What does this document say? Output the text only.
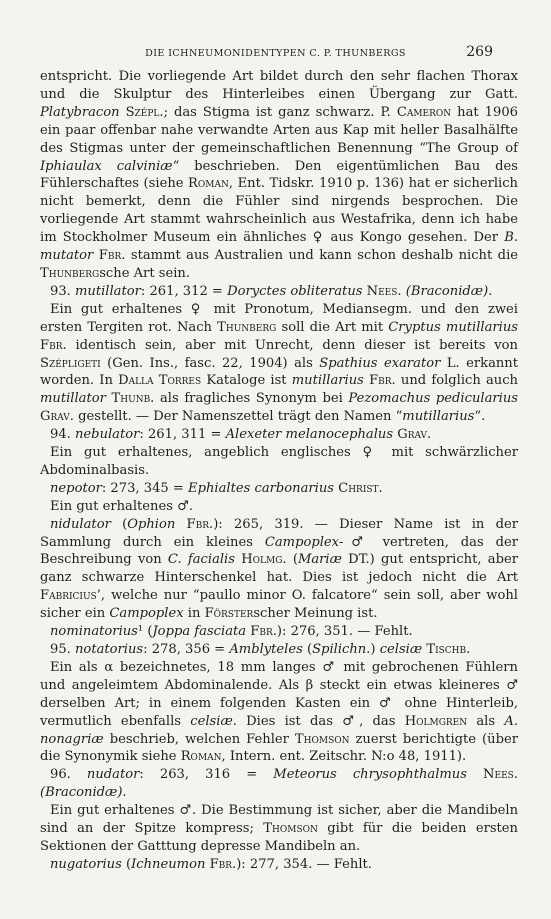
DIE ICHNEUMONIDENTYPEN C. P. THUNBERGS	269

entspricht. Die vorliegende Art bildet durch den sehr flachen Thorax und die Skulptur des Hinterleibes einen Übergang zur Gatt. Platybracon Szépl.; das Stigma ist ganz schwarz. P. Cameron hat 1906 ein paar offenbar nahe verwandte Arten aus Kap mit heller Basalhälfte des Stigmas unter der gemeinschaftlichen Benennung “The Group of Iphiaulax calviniæ“ beschrieben. Den eigentümlichen Bau des Fühlerschaftes (siehe Roman, Ent. Tidskr. 1910 p. 136) hat er sicherlich nicht bemerkt, denn die Fühler sind nirgends besprochen. Die vorliegende Art stammt wahrscheinlich aus Westafrika, denn ich habe im Stockholmer Museum ein ähnliches ♀ aus Kongo gesehen. Der B. mutator Fbr. stammt aus Australien und kann schon deshalb nicht die Thunbergsche Art sein.

93. mutillator: 261, 312 = Doryctes obliteratus Nees. (Braconidæ).

Ein gut erhaltenes ♀ mit Pronotum, Mediansegm. und den zwei ersten Tergiten rot. Nach Thunberg soll die Art mit Cryptus mutillarius Fbr. identisch sein, aber mit Unrecht, denn dieser ist bereits von Szépligeti (Gen. Ins., fasc. 22, 1904) als Spathius exarator L. erkannt worden. In Dalla Torres Kataloge ist mutillarius Fbr. und folglich auch mutillator Thunb. als fragliches Synonym bei Pezomachus pedicularius Grav. gestellt. — Der Namenszettel trägt den Namen “mutillarius“.

94. nebulator: 261, 311 = Alexeter melanocephalus Grav.

Ein gut erhaltenes, angeblich englisches ♀ mit schwärzlicher Abdominalbasis.

nepotor: 273, 345 = Ephialtes carbonarius Christ.

Ein gut erhaltenes ♂.

nidulator (Ophion Fbr.): 265, 319. — Dieser Name ist in der Sammlung durch ein kleines Campoplex-♂ vertreten, das der Beschreibung von C. facialis Holmg. (Mariæ DT.) gut entspricht, aber ganz schwarze Hinterschenkel hat. Dies ist jedoch nicht die Art Fabricius’, welche nur “paullo minor O. falcatore“ sein soll, aber wohl sicher ein Campoplex in Försterscher Meinung ist.

nominatorius¹ (Joppa fasciata Fbr.): 276, 351. — Fehlt.

95. notatorius: 278, 356 = Amblyteles (Spilichn.) celsiæ Tischb.

Ein als α bezeichnetes, 18 mm langes ♂ mit gebrochenen Fühlern und angeleimtem Abdominalende. Als β steckt ein etwas kleineres ♂ derselben Art; in einem folgenden Kasten ein ♂ ohne Hinterleib, vermutlich ebenfalls celsiæ. Dies ist das ♂, das Holmgren als A. nonagriæ beschrieb, welchen Fehler Thomson zuerst berichtigte (über die Synonymik siehe Roman, Intern. ent. Zeitschr. N:o 48, 1911).

96. nudator: 263, 316 = Meteorus chrysophthalmus Nees. (Braconidæ).

Ein gut erhaltenes ♂. Die Bestimmung ist sicher, aber die Mandibeln sind an der Spitze kompress; Thomson gibt für die beiden ersten Sektionen der Gatttung depresse Mandibeln an.

nugatorius (Ichneumon Fbr.): 277, 354. — Fehlt.
